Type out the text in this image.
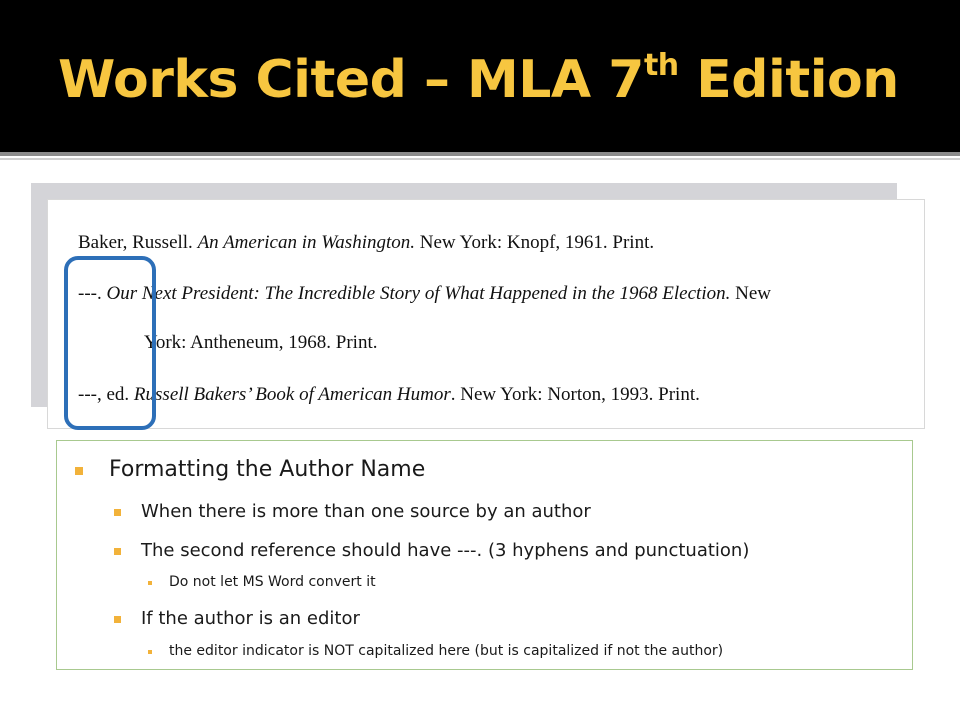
Works Cited – MLA 7th Edition
Baker, Russell. An American in Washington. New York: Knopf, 1961. Print.
---. Our Next President: The Incredible Story of What Happened in the 1968 Election. New
York: Antheneum, 1968. Print.
---, ed. Russell Bakers’ Book of American Humor. New York: Norton, 1993. Print.
Formatting the Author Name
When there is more than one source by an author
The second reference should have ---. (3 hyphens and punctuation)
Do not let MS Word convert it
If the author is an editor
the editor indicator is NOT capitalized here (but is capitalized if not the author)
